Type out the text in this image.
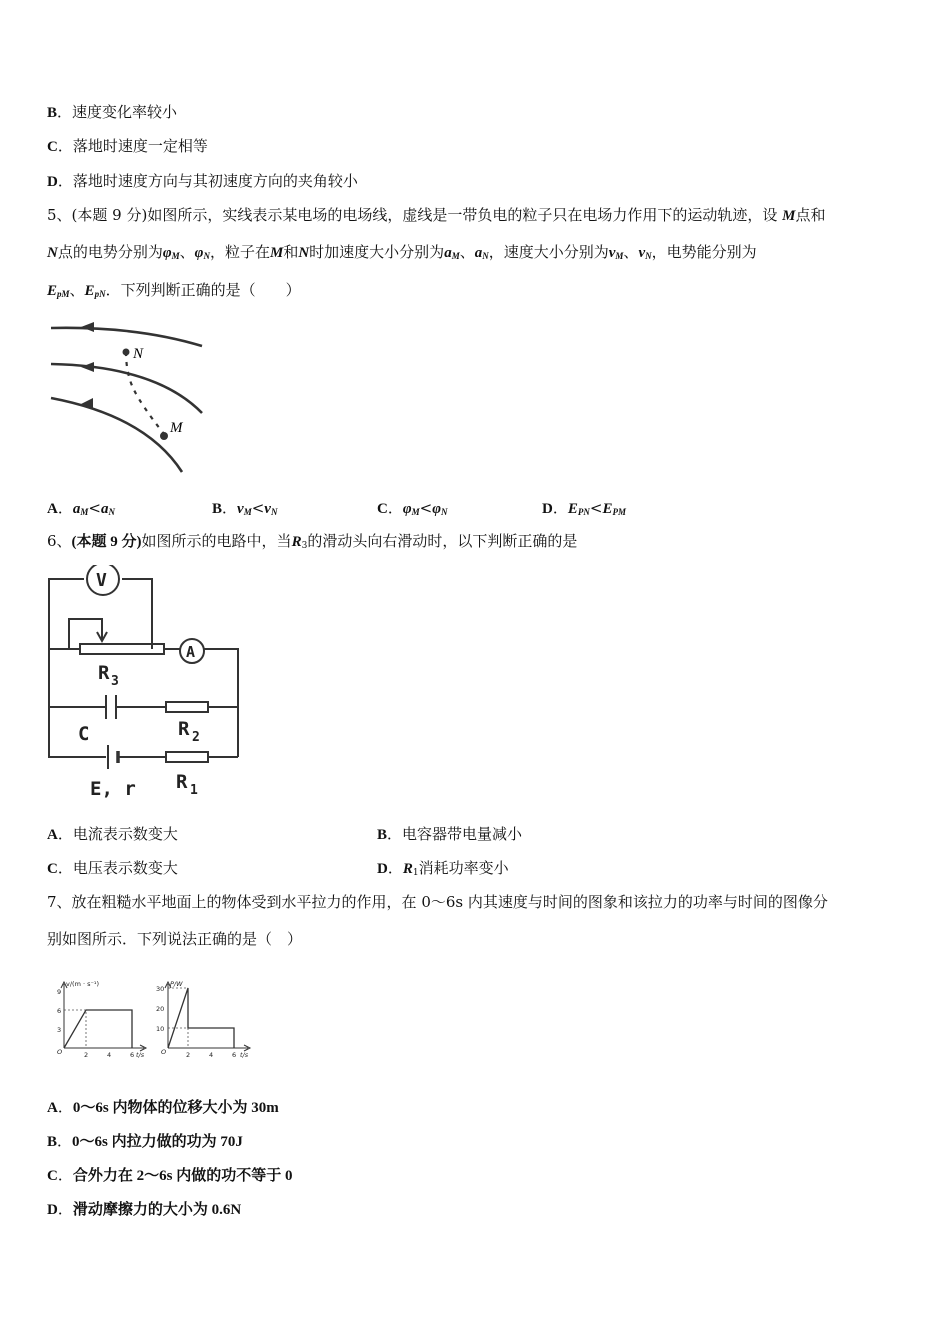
B．速度变化率较小
C．落地时速度一定相等
D．落地时速度方向与其初速度方向的夹角较小
5、(本题 9 分)如图所示，实线表示某电场的电场线，虚线是一带负电的粒子只在电场力作用下的运动轨迹，设 M点和
N点的电势分别为$\varphi_M$、$\varphi_N$，粒子在M和N时加速度大小分别为$a_M$、$a_N$，速度大小分别为$v_M$、$v_N$，电势能分别为
$E_{pM}$、$E_{pN}$．下列判断正确的是（　　）
N
M
A．$a_M<a_N$	B．$v_M<v_N$	C．$\varphi_M<\varphi_N$	D．$E_{PN}<E_{PM}$
6、(本题 9 分)如图所示的电路中，当$R_3$的滑动头向右滑动时，以下判断正确的是
V
A
R 3
C	R 2
E, r R 1
A．电流表示数变大	B．电容器带电量减小
C．电压表示数变大	D．$R_1$消耗功率变小
7、放在粗糙水平地面上的物体受到水平拉力的作用，在 0～6s 内其速度与时间的图象和该拉力的功率与时间的图像分
别如图所示．下列说法正确的是（　）
v/(m · s⁻¹)
t/s
O
9
6
3
2	4	6
P/W
t/s
O
30
20
10
2	4	6
A．0～6s 内物体的位移大小为 30m
B．0～6s 内拉力做的功为 70J
C．合外力在 2～6s 内做的功不等于 0
D．滑动摩擦力的大小为 0.6N
